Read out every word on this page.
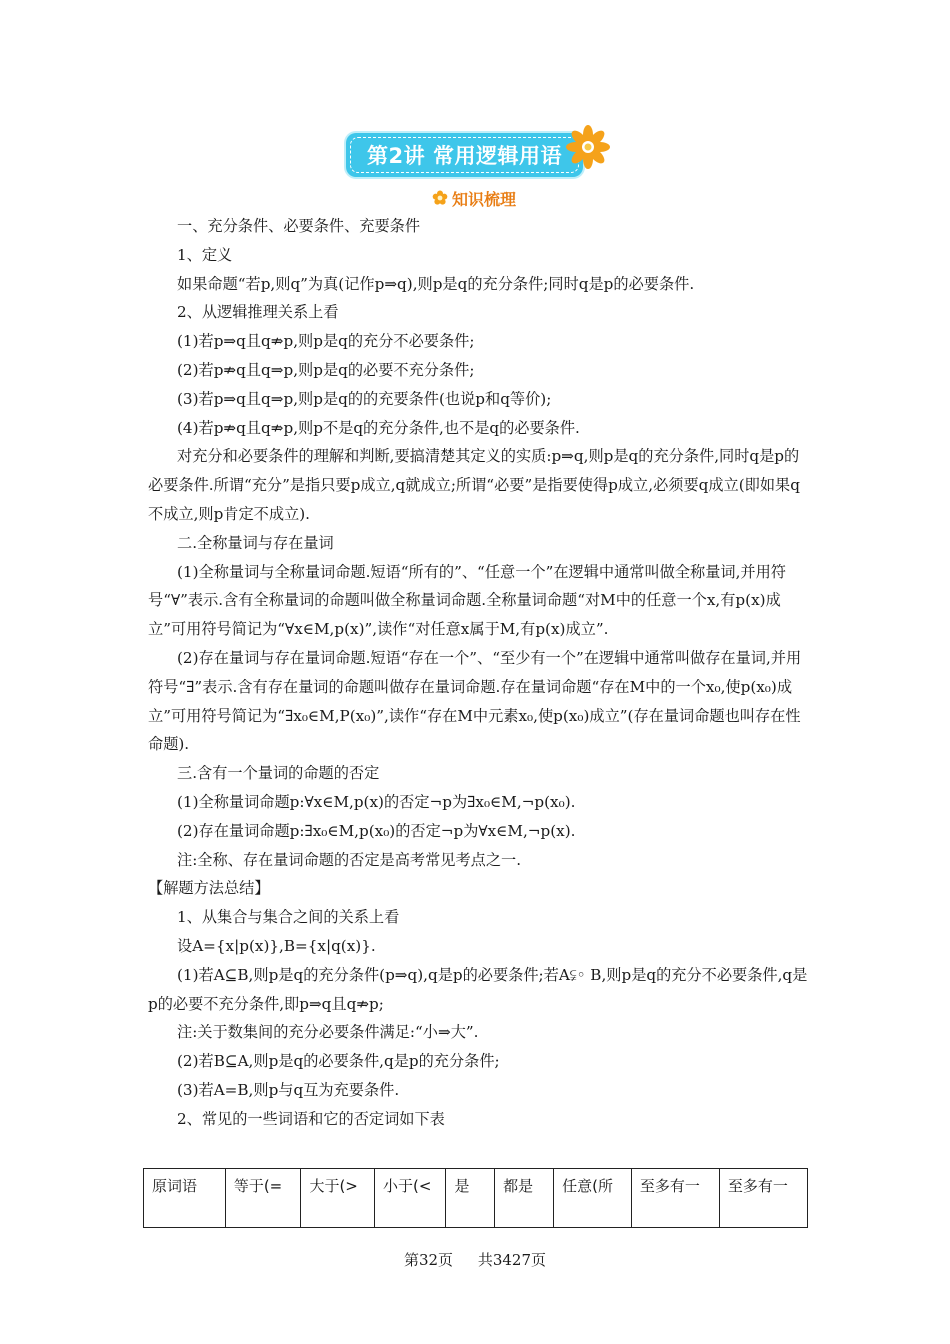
第2讲 常用逻辑用语
知识梳理

一、充分条件、必要条件、充要条件

1、定义

如果命题“若p,则q”为真(记作p⇒q),则p是q的充分条件;同时q是p的必要条件.

2、从逻辑推理关系上看

(1)若p⇒q且q⇏p,则p是q的充分不必要条件;

(2)若p⇏q且q⇒p,则p是q的必要不充分条件;

(3)若p⇒q且q⇒p,则p是q的的充要条件(也说p和q等价);

(4)若p⇏q且q⇏p,则p不是q的充分条件,也不是q的必要条件.

对充分和必要条件的理解和判断,要搞清楚其定义的实质:p⇒q,则p是q的充分条件,同时q是p的必要条件.所谓“充分”是指只要p成立,q就成立;所谓“必要”是指要使得p成立,必须要q成立(即如果q不成立,则p肯定不成立).

二.全称量词与存在量词

(1)全称量词与全称量词命题.短语“所有的”、“任意一个”在逻辑中通常叫做全称量词,并用符号“∀”表示.含有全称量词的命题叫做全称量词命题.全称量词命题“对M中的任意一个x,有p(x)成立”可用符号简记为“∀x∈M,p(x)”,读作“对任意x属于M,有p(x)成立”.

(2)存在量词与存在量词命题.短语“存在一个”、“至少有一个”在逻辑中通常叫做存在量词,并用符号“∃”表示.含有存在量词的命题叫做存在量词命题.存在量词命题“存在M中的一个x₀,使p(x₀)成立”可用符号简记为“∃x₀∈M,P(x₀)”,读作“存在M中元素x₀,使p(x₀)成立”(存在量词命题也叫存在性命题).

三.含有一个量词的命题的否定

(1)全称量词命题p:∀x∈M,p(x)的否定¬p为∃x₀∈M,¬p(x₀).

(2)存在量词命题p:∃x₀∈M,p(x₀)的否定¬p为∀x∈M,¬p(x).

注:全称、存在量词命题的否定是高考常见考点之一.

【解题方法总结】

1、从集合与集合之间的关系上看

设A={x|p(x)},B={x|q(x)}.

(1)若A⊆B,则p是q的充分条件(p⇒q),q是p的必要条件;若A⫋◦ B,则p是q的充分不必要条件,q是p的必要不充分条件,即p⇒q且q⇏p;

注:关于数集间的充分必要条件满足:“小⇒大”.

(2)若B⊆A,则p是q的必要条件,q是p的充分条件;

(3)若A=B,则p与q互为充要条件.

2、常见的一些词语和它的否定词如下表

原词语	等于(=	大于(>	小于(<	是	都是	任意(所	至多有一	至多有一
第32页 共3427页
